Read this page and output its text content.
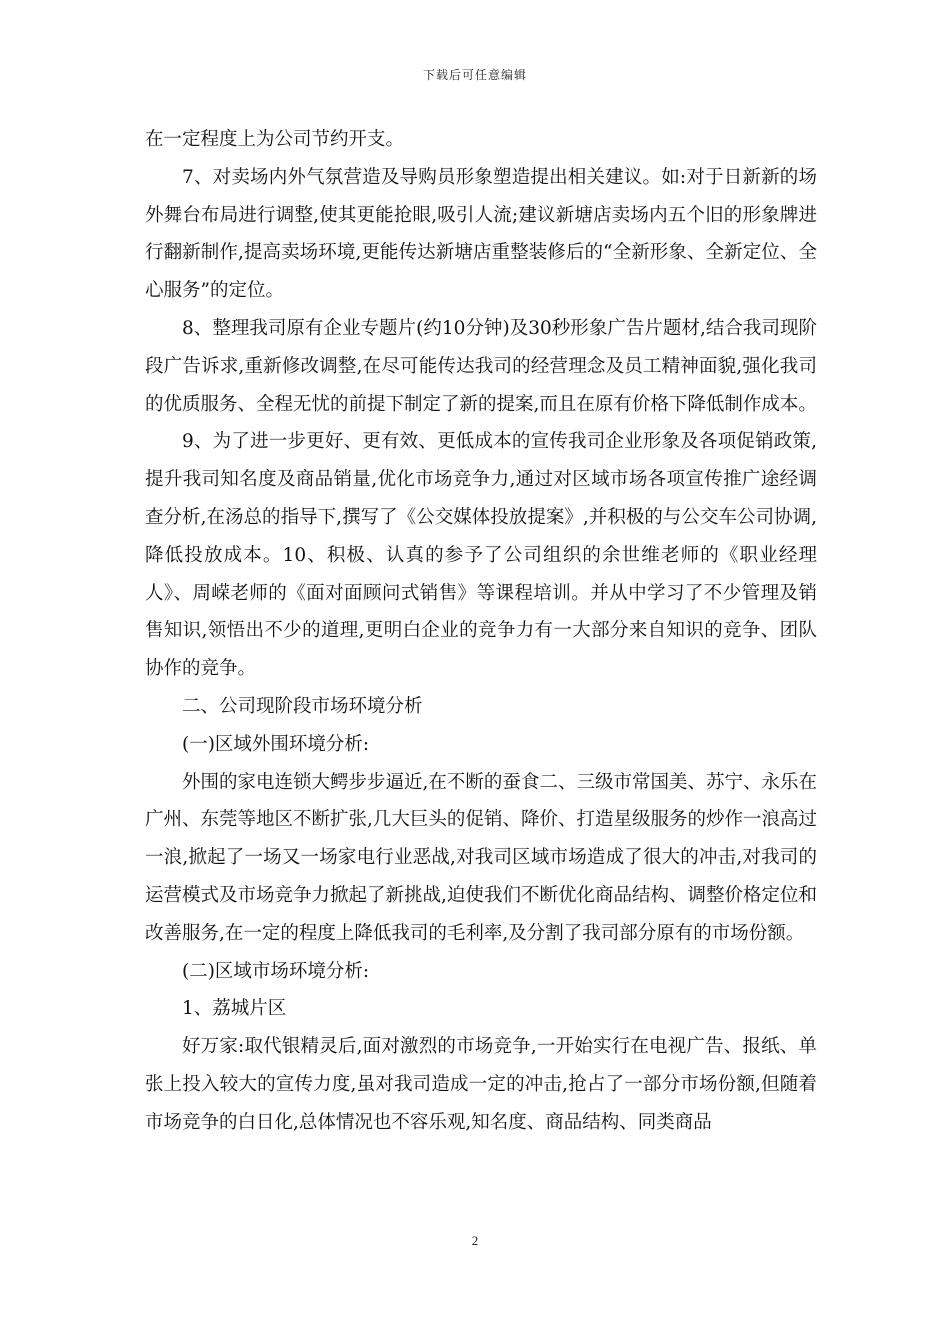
下载后可任意编辑

在一定程度上为公司节约开支。

7、对卖场内外气氛营造及导购员形象塑造提出相关建议。如:对于日新新的场外舞台布局进行调整,使其更能抢眼,吸引人流;建议新塘店卖场内五个旧的形象牌进行翻新制作,提高卖场环境,更能传达新塘店重整装修后的“全新形象、全新定位、全心服务”的定位。

8、整理我司原有企业专题片(约10分钟)及30秒形象广告片题材,结合我司现阶段广告诉求,重新修改调整,在尽可能传达我司的经营理念及员工精神面貌,强化我司的优质服务、全程无忧的前提下制定了新的提案,而且在原有价格下降低制作成本。

9、为了进一步更好、更有效、更低成本的宣传我司企业形象及各项促销政策,提升我司知名度及商品销量,优化市场竞争力,通过对区域市场各项宣传推广途经调查分析,在汤总的指导下,撰写了《公交媒体投放提案》,并积极的与公交车公司协调,降低投放成本。10、积极、认真的参予了公司组织的余世维老师的《职业经理人》、周嵘老师的《面对面顾问式销售》等课程培训。并从中学习了不少管理及销售知识,领悟出不少的道理,更明白企业的竞争力有一大部分来自知识的竞争、团队协作的竞争。

二、公司现阶段市场环境分析

(一)区域外围环境分析:

外围的家电连锁大鳄步步逼近,在不断的蚕食二、三级市常国美、苏宁、永乐在广州、东莞等地区不断扩张,几大巨头的促销、降价、打造星级服务的炒作一浪高过一浪,掀起了一场又一场家电行业恶战,对我司区域市场造成了很大的冲击,对我司的运营模式及市场竞争力掀起了新挑战,迫使我们不断优化商品结构、调整价格定位和改善服务,在一定的程度上降低我司的毛利率,及分割了我司部分原有的市场份额。

(二)区域市场环境分析:

1、荔城片区

好万家:取代银精灵后,面对激烈的市场竞争,一开始实行在电视广告、报纸、单张上投入较大的宣传力度,虽对我司造成一定的冲击,抢占了一部分市场份额,但随着市场竞争的白日化,总体情况也不容乐观,知名度、商品结构、同类商品

2
